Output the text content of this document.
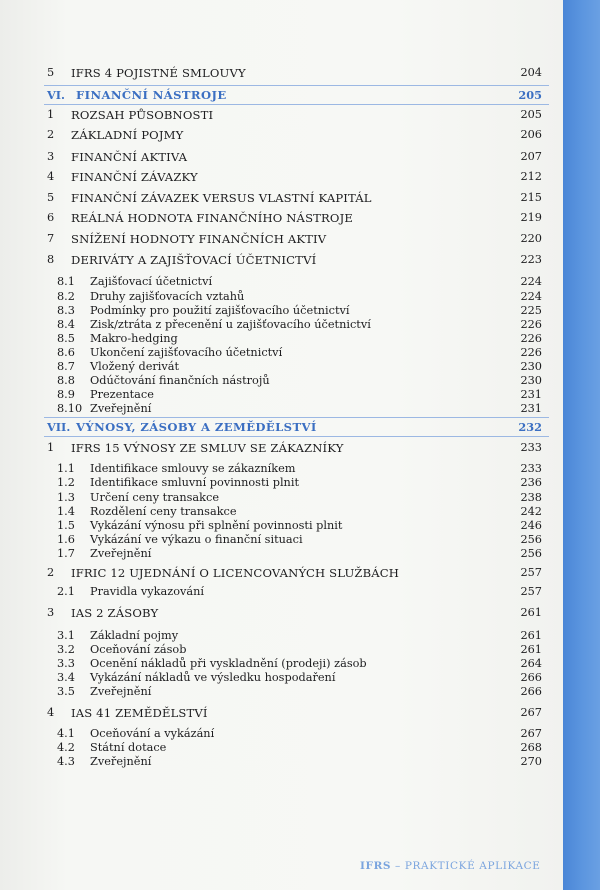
5 IFRS 4 POJISTNÉ SMLOUVY	204
VI. FINANČNÍ NÁSTROJE	205
1 ROZSAH PŮSOBNOSTI	205
2 ZÁKLADNÍ POJMY	206
3 FINANČNÍ AKTIVA	207
4 FINANČNÍ ZÁVAZKY	212
5 FINANČNÍ ZÁVAZEK VERSUS VLASTNÍ KAPITÁL	215
6 REÁLNÁ HODNOTA FINANČNÍHO NÁSTROJE	219
7 SNÍŽENÍ HODNOTY FINANČNÍCH AKTIV	220
8 DERIVÁTY A ZAJIŠŤOVACÍ ÚČETNICTVÍ	223
8.1 Zajišťovací účetnictví	224
8.2 Druhy zajišťovacích vztahů	224
8.3 Podmínky pro použití zajišťovacího účetnictví	225
8.4 Zisk/ztráta z přecenění u zajišťovacího účetnictví	226
8.5 Makro-hedging	226
8.6 Ukončení zajišťovacího účetnictví	226
8.7 Vložený derivát	230
8.8 Odúčtování finančních nástrojů	230
8.9 Prezentace	231
8.10 Zveřejnění	231
VII. VÝNOSY, ZÁSOBY A ZEMĚDĚLSTVÍ	232
1 IFRS 15 VÝNOSY ZE SMLUV SE ZÁKAZNÍKY	233
1.1 Identifikace smlouvy se zákazníkem	233
1.2 Identifikace smluvní povinnosti plnit	236
1.3 Určení ceny transakce	238
1.4 Rozdělení ceny transakce	242
1.5 Vykázání výnosu při splnění povinnosti plnit	246
1.6 Vykázání ve výkazu o finanční situaci	256
1.7 Zveřejnění	256
2 IFRIC 12 UJEDNÁNÍ O LICENCOVANÝCH SLUŽBÁCH	257
2.1 Pravidla vykazování	257
3 IAS 2 ZÁSOBY	261
3.1 Základní pojmy	261
3.2 Oceňování zásob	261
3.3 Ocenění nákladů při vyskladnění (prodeji) zásob	264
3.4 Vykázání nákladů ve výsledku hospodaření	266
3.5 Zveřejnění	266
4 IAS 41 ZEMĚDĚLSTVÍ	267
4.1 Oceňování a vykázání	267
4.2 Státní dotace	268
4.3 Zveřejnění	270
IFRS – PRAKTICKÉ APLIKACE
